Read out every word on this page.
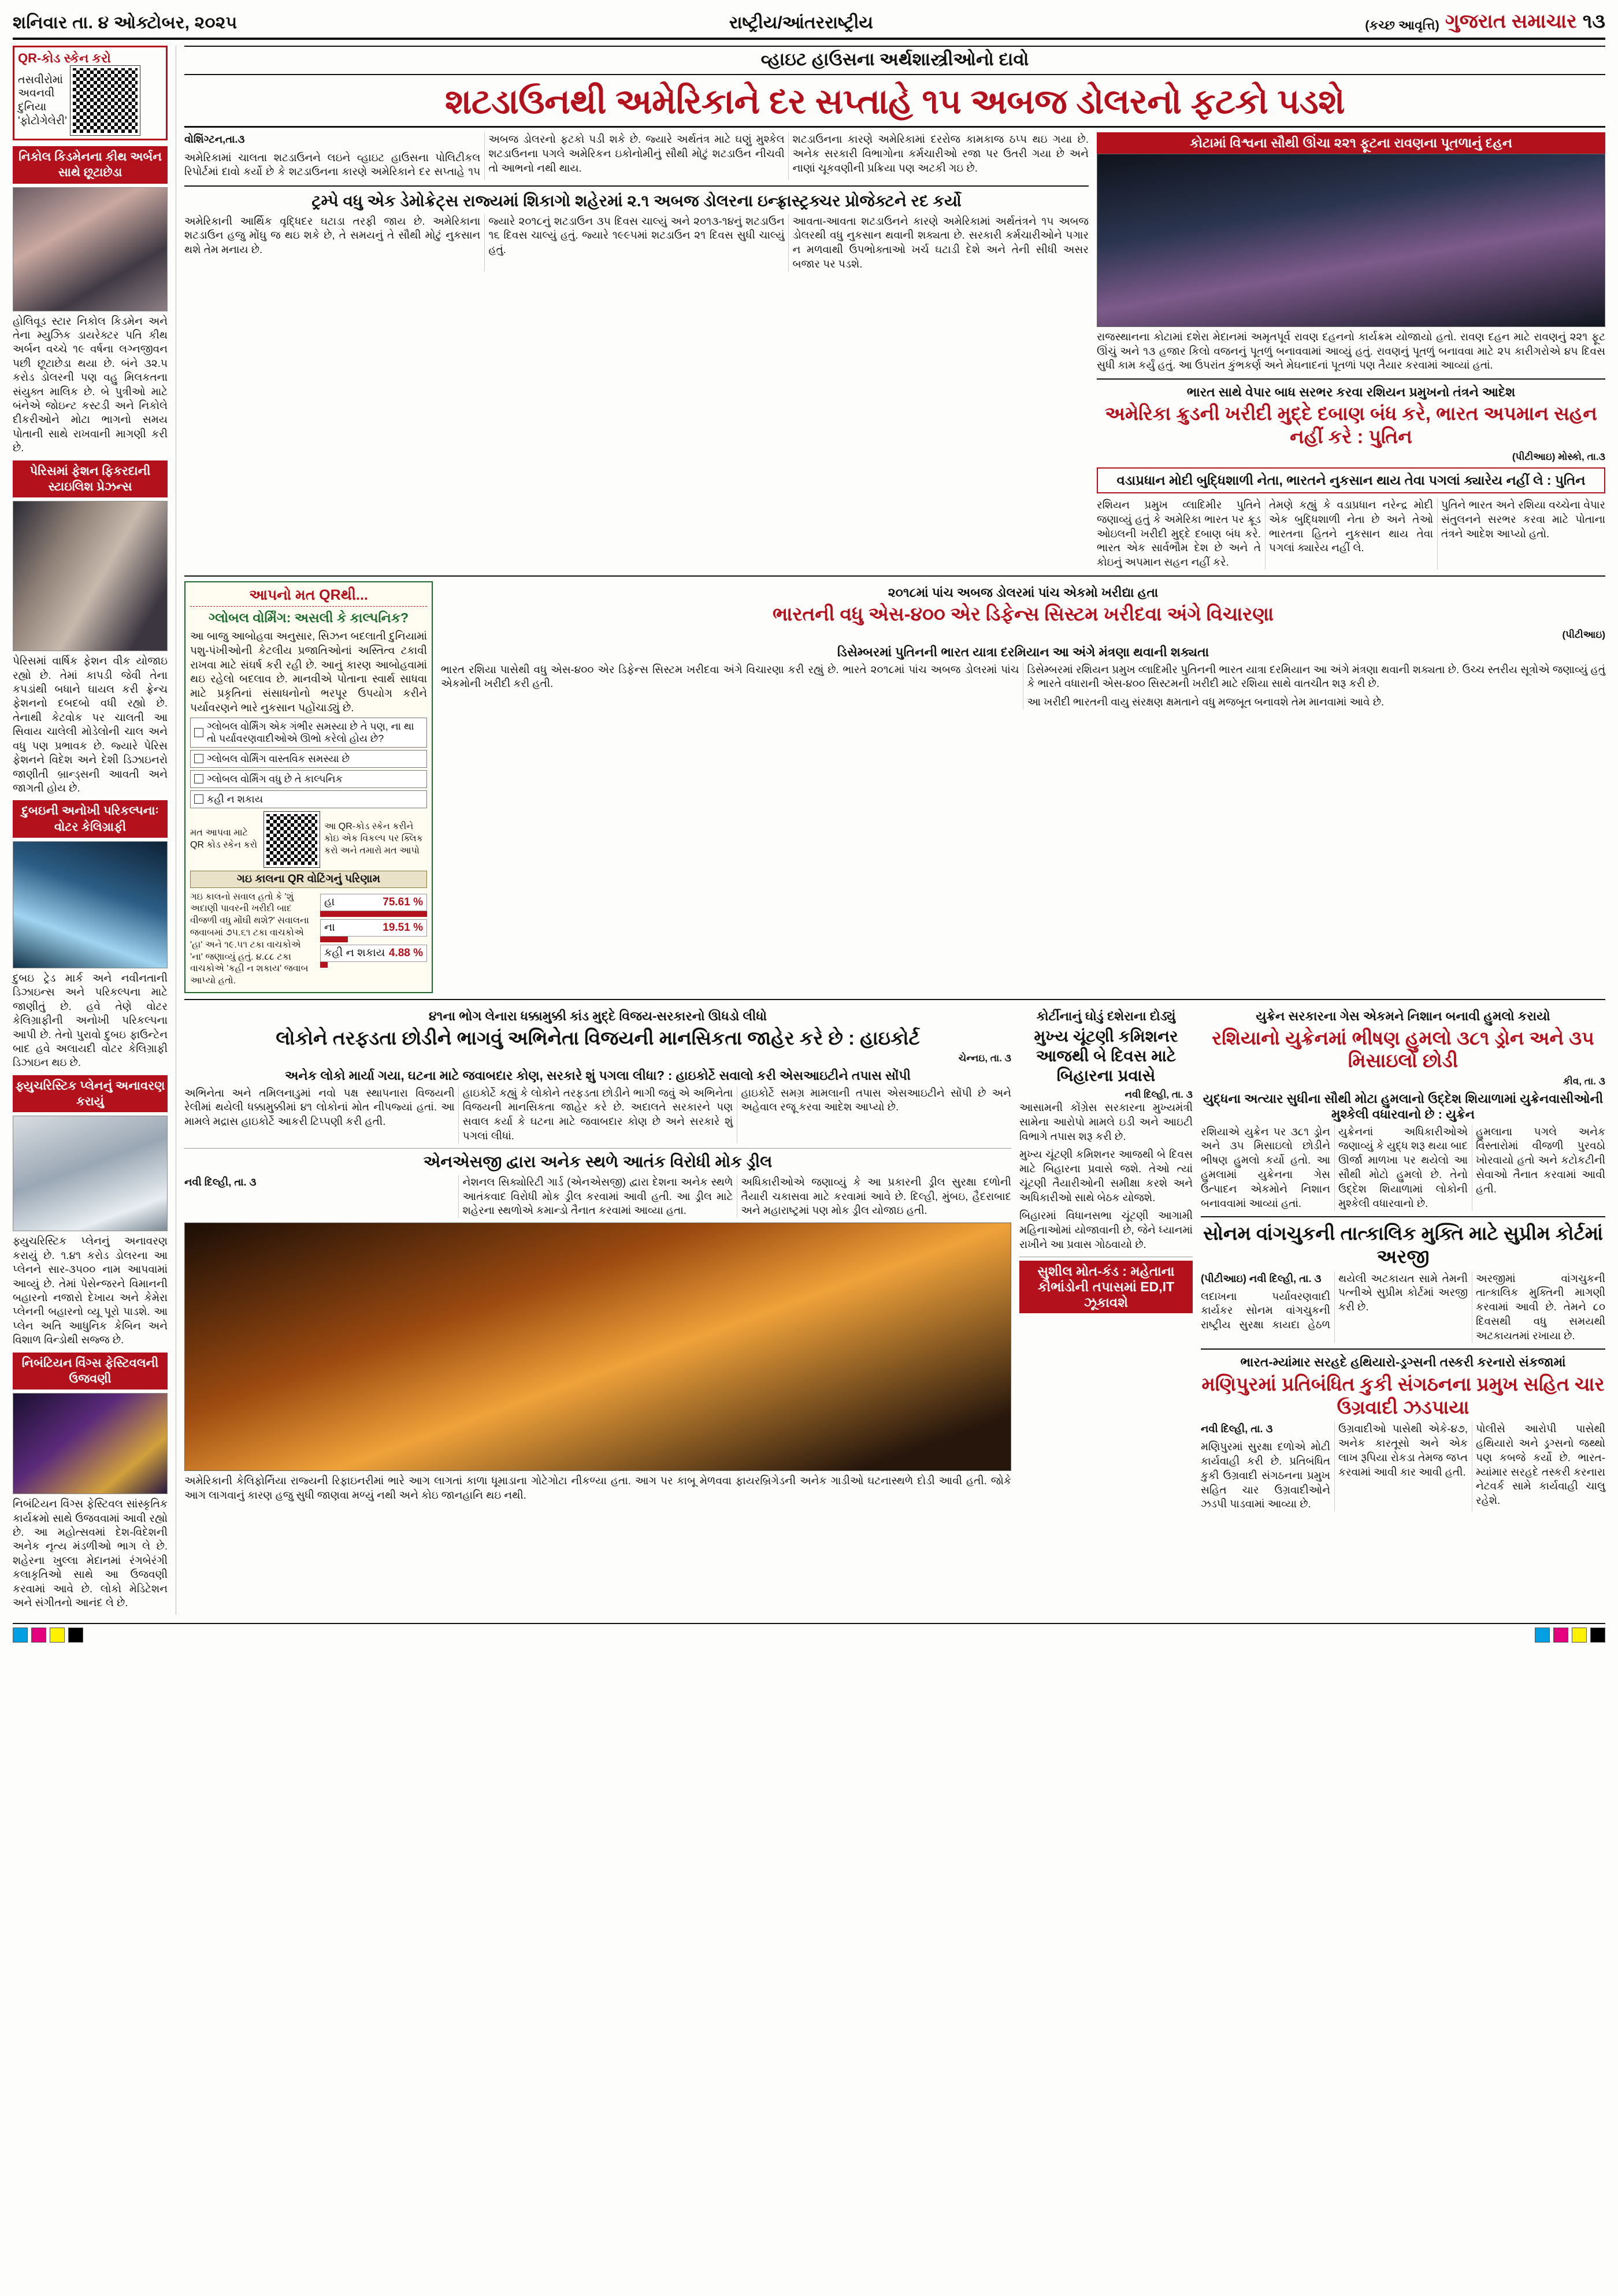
શનિવાર તા. ૪ ઓક્ટોબર, ૨૦૨૫	રાષ્ટ્રીય/આંતરરાષ્ટ્રીય	(કચ્છ આવૃત્તિ) ગુજરાત સમાચાર ૧૩
QR-કોડ સ્કેન કરો
તસવીરોમાં
અવનવી
દુનિયા
'ફોટોગેલેરી'
નિકોલ કિડમેનના કીથ અર્બન સાથે છૂટાછેડા
હોલિવૂડ સ્ટાર નિકોલ કિડમેન અને તેના મ્યુઝિક ડાયરેક્ટર પતિ કીથ અર્બન વચ્ચે ૧૯ વર્ષના લગ્નજીવન પછી છૂટાછેડા થયા છે. બંને ૩૨.૫ કરોડ ડોલરની પણ વહુ મિલકતના સંયુક્ત માલિક છે. બે પુત્રીઓ માટે બંનેએ જોઇન્ટ કસ્ટડી અને નિકોલે દીકરીઓને મોટા ભાગનો સમય પોતાની સાથે રાખવાની માગણી કરી છે.
પેરિસમાં ફેશન ફિકરદાની સ્ટાઇલિશ પ્રેઝન્સ
પેરિસમાં વાર્ષિક ફેશન વીક યોજાઇ રહ્યો છે. તેમાં કાપડી જેવી તેના કપડાંથી બધાને ઘાયલ કરી ફ્રેન્ચ ફેશનનો દબદબો વધી રહ્યો છે. તેનાથી કેટવોક પર ચાલતી આ સિવાય ચાલેલી મોડેલોની ચાલ અને વધુ પણ પ્રભાવક છે. જ્યારે પેરિસ ફેશનને વિદેશ અને દેશી ડિઝાઇનરો જાણીતી બ્રાન્ડ્સની આવતી અને જાગતી હોય છે.
દુબઇની અનોખી પરિકલ્પનાઃ વોટર કેલિગ્રાફી
દુબઇ ટ્રેડ માર્ક અને નવીનતાની ડિઝાઇન્સ અને પરિકલ્પના માટે જાણીતું છે. હવે તેણે વોટર કેલિગ્રાફીની અનોખી પરિકલ્પના આપી છે. તેનો પુરાવો દુબઇ ફાઉન્ટેન બાદ હવે અલાયદી વોટર કેલિગ્રાફી ડિઝાઇન થઇ છે.
ફ્યુચરિસ્ટિક પ્લેનનું અનાવરણ કરાયું
ફ્યુચરિસ્ટિક પ્લેનનું અનાવરણ કરાયું છે. ૧.૪૧ કરોડ ડોલરના આ પ્લેનને સાર-૩૫૦૦ નામ આપવામાં આવ્યું છે. તેમાં પેસેન્જરને વિમાનની બહારનો નજારો દેખાય અને કેમેરા પ્લેનની બહારનો વ્યૂ પૂરો પાડશે. આ પ્લેન અતિ આધુનિક કેબિન અને વિશાળ વિન્ડોથી સજ્જ છે.
નિબંટિયન વિંગ્સ ફેસ્ટિવલની ઉજવણી
નિબંટિયન વિંગ્સ ફેસ્ટિવલ સાંસ્કૃતિક કાર્યક્રમો સાથે ઉજવવામાં આવી રહ્યો છે. આ મહોત્સવમાં દેશ-વિદેશની અનેક નૃત્ય મંડળીઓ ભાગ લે છે. શહેરના ખુલ્લા મેદાનમાં રંગબેરંગી કલાકૃતિઓ સાથે આ ઉજવણી કરવામાં આવે છે. લોકો મેડિટેશન અને સંગીતનો આનંદ લે છે.
વ્હાઇટ હાઉસના અર્થશાસ્ત્રીઓનો દાવો
શટડાઉનથી અમેરિકાને દર સપ્તાહે ૧૫ અબજ ડોલરનો ફટકો પડશે

વોશિંગ્ટન,તા.૩

અમેરિકામાં ચાલતા શટડાઉનને લઇને વ્હાઇટ હાઉસના પોલિટીકલ રિપોર્ટમાં દાવો કર્યો છે કે શટડાઉનના કારણે અમેરિકાને દર સપ્તાહે ૧૫ અબજ ડોલરનો ફટકો પડી શકે છે. જ્યારે અર્થતંત્ર માટે ઘણું મુશ્કેલ શટડાઉનના પગલે અમેરિકન ઇકોનોમીનું સૌથી મોટું શટડાઉન નીચવી તો આભનો નથી થાય.

શટડાઉનના કારણે અમેરિકામાં દરરોજ કામકાજ ઠપ્પ થઇ ગયા છે. અનેક સરકારી વિભાગોના કર્મચારીઓ રજા પર ઉતરી ગયા છે અને નાણાં ચૂકવણીની પ્રક્રિયા પણ અટકી ગઇ છે.

ટ્રમ્પે વધુ એક ડેમોક્રેટ્સ રાજ્યમાં શિકાગો શહેરમાં ૨.૧ અબજ ડોલરના ઇન્ફ્રાસ્ટ્રક્ચર પ્રોજેક્ટને રદ કર્યો

અમેરિકાની આર્થિક વૃદ્ધિદર ઘટાડા તરફી જાય છે. અમેરિકાના શટડાઉન હજુ મોંઘુ જ થઇ શકે છે, તે સમયનું તે સૌથી મોટું નુકસાન થશે તેમ મનાય છે.

જ્યારે ૨૦૧૮નું શટડાઉન ૩૫ દિવસ ચાલ્યું અને ૨૦૧૩-૧૪નું શટડાઉન ૧૬ દિવસ ચાલ્યું હતું. જ્યારે ૧૯૯૫માં શટડાઉન ૨૧ દિવસ સુધી ચાલ્યું હતું.

આવતા-આવતા શટડાઉનને કારણે અમેરિકામાં અર્થતંત્રને ૧૫ અબજ ડોલરથી વધુ નુકસાન થવાની શક્યતા છે. સરકારી કર્મચારીઓને પગાર ન મળવાથી ઉપભોક્તાઓ ખર્ચ ઘટાડી દેશે અને તેની સીધી અસર બજાર પર પડશે.

કોટામાં વિશ્વના સૌથી ઊંચા ૨૨૧ ફૂટના રાવણના પૂતળાનું દહન
રાજસ્થાનના કોટામાં દશેરા મેદાનમાં અમૃતપૂર્વ રાવણ દહનનો કાર્યક્રમ યોજાયો હતો. રાવણ દહન માટે રાવણનું ૨૨૧ ફૂટ ઊંચું અને ૧૩ હજાર કિલો વજનનું પૂતળું બનાવવામાં આવ્યું હતું. રાવણનું પૂતળું બનાવવા માટે ૨૫ કારીગરોએ ૪૫ દિવસ સુધી કામ કર્યું હતું. આ ઉપરાંત કુંભકર્ણ અને મેઘનાદનાં પૂતળાં પણ તૈયાર કરવામાં આવ્યાં હતાં.
ભારત સાથે વેપાર બાધ સરભર કરવા રશિયન પ્રમુખનો તંત્રને આદેશ
અમેરિકા ક્રુડની ખરીદી મુદ્દે દબાણ બંધ કરે, ભારત અપમાન સહન નહીં કરે : પુતિન
(પીટીઆઇ) મોસ્કો, તા.૩
વડાપ્રધાન મોદી બુદ્ધિશાળી નેતા, ભારતને નુકસાન થાય તેવા પગલાં ક્યારેય નહીં લે : પુતિન

રશિયન પ્રમુખ વ્લાદિમીર પુતિને જણાવ્યું હતું કે અમેરિકા ભારત પર ક્રૂડ ઓઇલની ખરીદી મુદ્દે દબાણ બંધ કરે. ભારત એક સાર્વભૌમ દેશ છે અને તે કોઇનું અપમાન સહન નહીં કરે.

તેમણે કહ્યું કે વડાપ્રધાન નરેન્દ્ર મોદી એક બુદ્ધિશાળી નેતા છે અને તેઓ ભારતના હિતને નુકસાન થાય તેવા પગલાં ક્યારેય નહીં લે.

પુતિને ભારત અને રશિયા વચ્ચેના વેપાર સંતુલનને સરભર કરવા માટે પોતાના તંત્રને આદેશ આપ્યો હતો.

આપનો મત QRથી...
ગ્લોબલ વોર્મિંગ: અસલી કે કાલ્પનિક?
આ બાજુ આબોહવા અનુસાર, સિઝન બદલાતી દુનિયામાં પશુ-પંખીઓની કેટલીય પ્રજાતિઓનાં અસ્તિત્વ ટકાવી રાખવા માટે સંઘર્ષ કરી રહી છે. આનું કારણ આબોહવામાં થઇ રહેલો બદલાવ છે. માનવીએ પોતાના સ્વાર્થ સાધવા માટે પ્રકૃતિનાં સંસાધનોનો ભરપૂર ઉપયોગ કરીને પર્યાવરણને ભારે નુકસાન પહોંચાડ્યું છે.
ગ્લોબલ વોર્મિંગ એક ગંભીર સમસ્યા છે તે પણ, ના થા તો પર્યાવરણવાદીઓએ ઊભો કરેલો હોય છે?
ગ્લોબલ વોર્મિંગ વાસ્તવિક સમસ્યા છે
ગ્લોબલ વોર્મિંગ વધુ છે તે કાલ્પનિક
કહી ન શકાય
મત આપવા માટે QR કોડ સ્કેન કરો
આ QR-કોડ સ્કેન કરીને કોઇ એક વિકલ્પ પર ક્લિક કરો અને તમારો મત આપો
ગઇ કાલના QR વોટિંગનું પરિણામ
ગઇ કાલનો સવાલ હતો કે 'શું અદાણી પાવરની ખરીદી બાદ વીજળી વધુ મોંઘી થશે?' સવાલના જવાબમાં ૭૫.૬૧ ટકા વાચકોએ 'હા' અને ૧૯.૫૧ ટકા વાચકોએ 'ના' જણાવ્યું હતું. ૪.૮૮ ટકા વાચકોએ 'કહી ન શકાય' જવાબ આપ્યો હતો.
હા	75.61 %
ના	19.51 %
કહી ન શકાય 4.88 %
૨૦૧૮માં પાંચ અબજ ડોલરમાં પાંચ એકમો ખરીદ્યા હતા
ભારતની વધુ એસ-૪૦૦ એર ડિફેન્સ સિસ્ટમ ખરીદવા અંગે વિચારણા
(પીટીઆઇ)
ડિસેમ્બરમાં પુતિનની ભારત યાત્રા દરમિયાન આ અંગે મંત્રણા થવાની શક્યતા

ભારત રશિયા પાસેથી વધુ એસ-૪૦૦ એર ડિફેન્સ સિસ્ટમ ખરીદવા અંગે વિચારણા કરી રહ્યું છે. ભારતે ૨૦૧૮માં પાંચ અબજ ડોલરમાં પાંચ એકમોની ખરીદી કરી હતી.

ડિસેમ્બરમાં રશિયન પ્રમુખ વ્લાદિમીર પુતિનની ભારત યાત્રા દરમિયાન આ અંગે મંત્રણા થવાની શક્યતા છે. ઉચ્ચ સ્તરીય સૂત્રોએ જણાવ્યું હતું કે ભારતે વધારાની એસ-૪૦૦ સિસ્ટમની ખરીદી માટે રશિયા સાથે વાતચીત શરૂ કરી છે.

આ ખરીદી ભારતની વાયુ સંરક્ષણ ક્ષમતાને વધુ મજબૂત બનાવશે તેમ માનવામાં આવે છે.

૪૧ના ભોગ લેનારા ધક્કામુક્કી કાંડ મુદ્દે વિજય-સરકારનો ઊધડો લીધો
લોકોને તરફડતા છોડીને ભાગવું અભિનેતા વિજયની માનસિકતા જાહેર કરે છે : હાઇકોર્ટ
ચેન્નઇ, તા. ૩
અનેક લોકો માર્યા ગયા, ઘટના માટે જવાબદાર કોણ, સરકારે શું પગલા લીધા? : હાઇકોર્ટે સવાલો કરી એસઆઇટીને તપાસ સોંપી

અભિનેતા અને તમિલનાડુમાં નવો પક્ષ સ્થાપનારા વિજયની રેલીમાં થયેલી ધક્કામુક્કીમાં ૪૧ લોકોનાં મોત નીપજ્યાં હતાં. આ મામલે મદ્રાસ હાઇકોર્ટે આકરી ટિપ્પણી કરી હતી.

હાઇકોર્ટે કહ્યું કે લોકોને તરફડતા છોડીને ભાગી જવું એ અભિનેતા વિજયની માનસિકતા જાહેર કરે છે. અદાલતે સરકારને પણ સવાલ કર્યા કે ઘટના માટે જવાબદાર કોણ છે અને સરકારે શું પગલાં લીધાં.

હાઇકોર્ટે સમગ્ર મામલાની તપાસ એસઆઇટીને સોંપી છે અને અહેવાલ રજૂ કરવા આદેશ આપ્યો છે.

એનએસજી દ્વારા અનેક સ્થળે આતંક વિરોધી મોક ડ્રીલ

નવી દિલ્હી, તા. ૩	નેશનલ સિક્યોરિટી ગાર્ડ (એનએસજી) દ્વારા દેશના અનેક સ્થળે આતંકવાદ વિરોધી મોક ડ્રીલ કરવામાં આવી હતી. આ ડ્રીલ માટે શહેરના સ્થળોએ કમાન્ડો તૈનાત કરવામાં આવ્યા હતા.

અધિકારીઓએ જણાવ્યું કે આ પ્રકારની ડ્રીલ સુરક્ષા દળોની તૈયારી ચકાસવા માટે કરવામાં આવે છે. દિલ્હી, મુંબઇ, હૈદરાબાદ અને મહારાષ્ટ્રમાં પણ મોક ડ્રીલ યોજાઇ હતી.

અમેરિકાની કેલિફોર્નિયા રાજ્યની રિફાઇનરીમાં ભારે આગ લાગતાં કાળા ધૂમાડાના ગોટેગોટા નીકળ્યા હતા. આગ પર કાબૂ મેળવવા ફાયરબ્રિગેડની અનેક ગાડીઓ ઘટનાસ્થળે દોડી આવી હતી. જોકે આગ લાગવાનું કારણ હજુ સુધી જાણવા મળ્યું નથી અને કોઇ જાનહાનિ થઇ નથી.
કોર્ટીનાનું ઘોડું દશેરાના દોડ્યું
મુખ્ય ચૂંટણી કમિશનર આજથી બે દિવસ માટે બિહારના પ્રવાસે
નવી દિલ્હી, તા. ૩

આસામની કોંગ્રેસ સરકારના મુખ્યમંત્રી સામેના આરોપો મામલે ઇડી અને આઇટી વિભાગે તપાસ શરૂ કરી છે.

મુખ્ય ચૂંટણી કમિશનર આજથી બે દિવસ માટે બિહારના પ્રવાસે જશે. તેઓ ત્યાં ચૂંટણી તૈયારીઓની સમીક્ષા કરશે અને અધિકારીઓ સાથે બેઠક યોજશે.

બિહારમાં વિધાનસભા ચૂંટણી આગામી મહિનાઓમાં યોજાવાની છે, જેને ધ્યાનમાં રાખીને આ પ્રવાસ ગોઠવાયો છે.

સુશીલ મોત-કંડ : મહેતાના કૌભાંડોની તપાસમાં ED,IT ઝૂકાવશે
યુક્રેન સરકારના ગેસ એકમને નિશાન બનાવી હુમલો કરાયો
રશિયાનો યુક્રેનમાં ભીષણ હુમલો ૩૮૧ ડ્રોન અને ૩૫ મિસાઇલો છોડી
કીવ, તા. ૩
યુદ્ધના અત્યાર સુધીના સૌથી મોટા હુમલાનો ઉદ્દેશ શિયાળામાં યુક્રેનવાસીઓની મુશ્કેલી વધારવાનો છે : યુક્રેન

રશિયાએ યુક્રેન પર ૩૮૧ ડ્રોન અને ૩૫ મિસાઇલો છોડીને ભીષણ હુમલો કર્યો હતો. આ હુમલામાં યુક્રેનના ગેસ ઉત્પાદન એકમોને નિશાન બનાવવામાં આવ્યાં હતાં.

યુક્રેનનાં અધિકારીઓએ જણાવ્યું કે યુદ્ધ શરૂ થયા બાદ ઊર્જા માળખા પર થયેલો આ સૌથી મોટો હુમલો છે. તેનો ઉદ્દેશ શિયાળામાં લોકોની મુશ્કેલી વધારવાનો છે.

હુમલાના પગલે અનેક વિસ્તારોમાં વીજળી પુરવઠો ખોરવાયો હતો અને કટોકટીની સેવાઓ તૈનાત કરવામાં આવી હતી.

સોનમ વાંગચુકની તાત્કાલિક મુક્તિ માટે સુપ્રીમ કોર્ટમાં અરજી

(પીટીઆઇ) નવી દિલ્હી, તા. ૩

લદાખના પર્યાવરણવાદી કાર્યકર સોનમ વાંગચુકની રાષ્ટ્રીય સુરક્ષા કાયદા હેઠળ થયેલી અટકાયત સામે તેમની પત્નીએ સુપ્રીમ કોર્ટમાં અરજી કરી છે.

અરજીમાં વાંગચુકની તાત્કાલિક મુક્તિની માગણી કરવામાં આવી છે. તેમને ૮૦ દિવસથી વધુ સમયથી અટકાયતમાં રખાયા છે.

ભારત-મ્યાંમાર સરહદે હથિયારો-ડ્રગ્સની તસ્કરી કરનારો સંકજામાં
મણિપુરમાં પ્રતિબંધિત કુકી સંગઠનના પ્રમુખ સહિત ચાર ઉગ્રવાદી ઝડપાયા

નવી દિલ્હી, તા. ૩

મણિપુરમાં સુરક્ષા દળોએ મોટી કાર્યવાહી કરી છે. પ્રતિબંધિત કુકી ઉગ્રવાદી સંગઠનના પ્રમુખ સહિત ચાર ઉગ્રવાદીઓને ઝડપી પાડવામાં આવ્યા છે.

ઉગ્રવાદીઓ પાસેથી એકે-૪૭, અનેક કારતૂસો અને એક લાખ રૂપિયા રોકડા તેમજ જપ્ત કરવામાં આવી કાર આવી હતી.

પોલીસે આરોપી પાસેથી હથિયારો અને ડ્રગ્સનો જથ્થો પણ કબજે કર્યો છે. ભારત-મ્યાંમાર સરહદે તસ્કરી કરનારા નેટવર્ક સામે કાર્યવાહી ચાલુ રહેશે.
